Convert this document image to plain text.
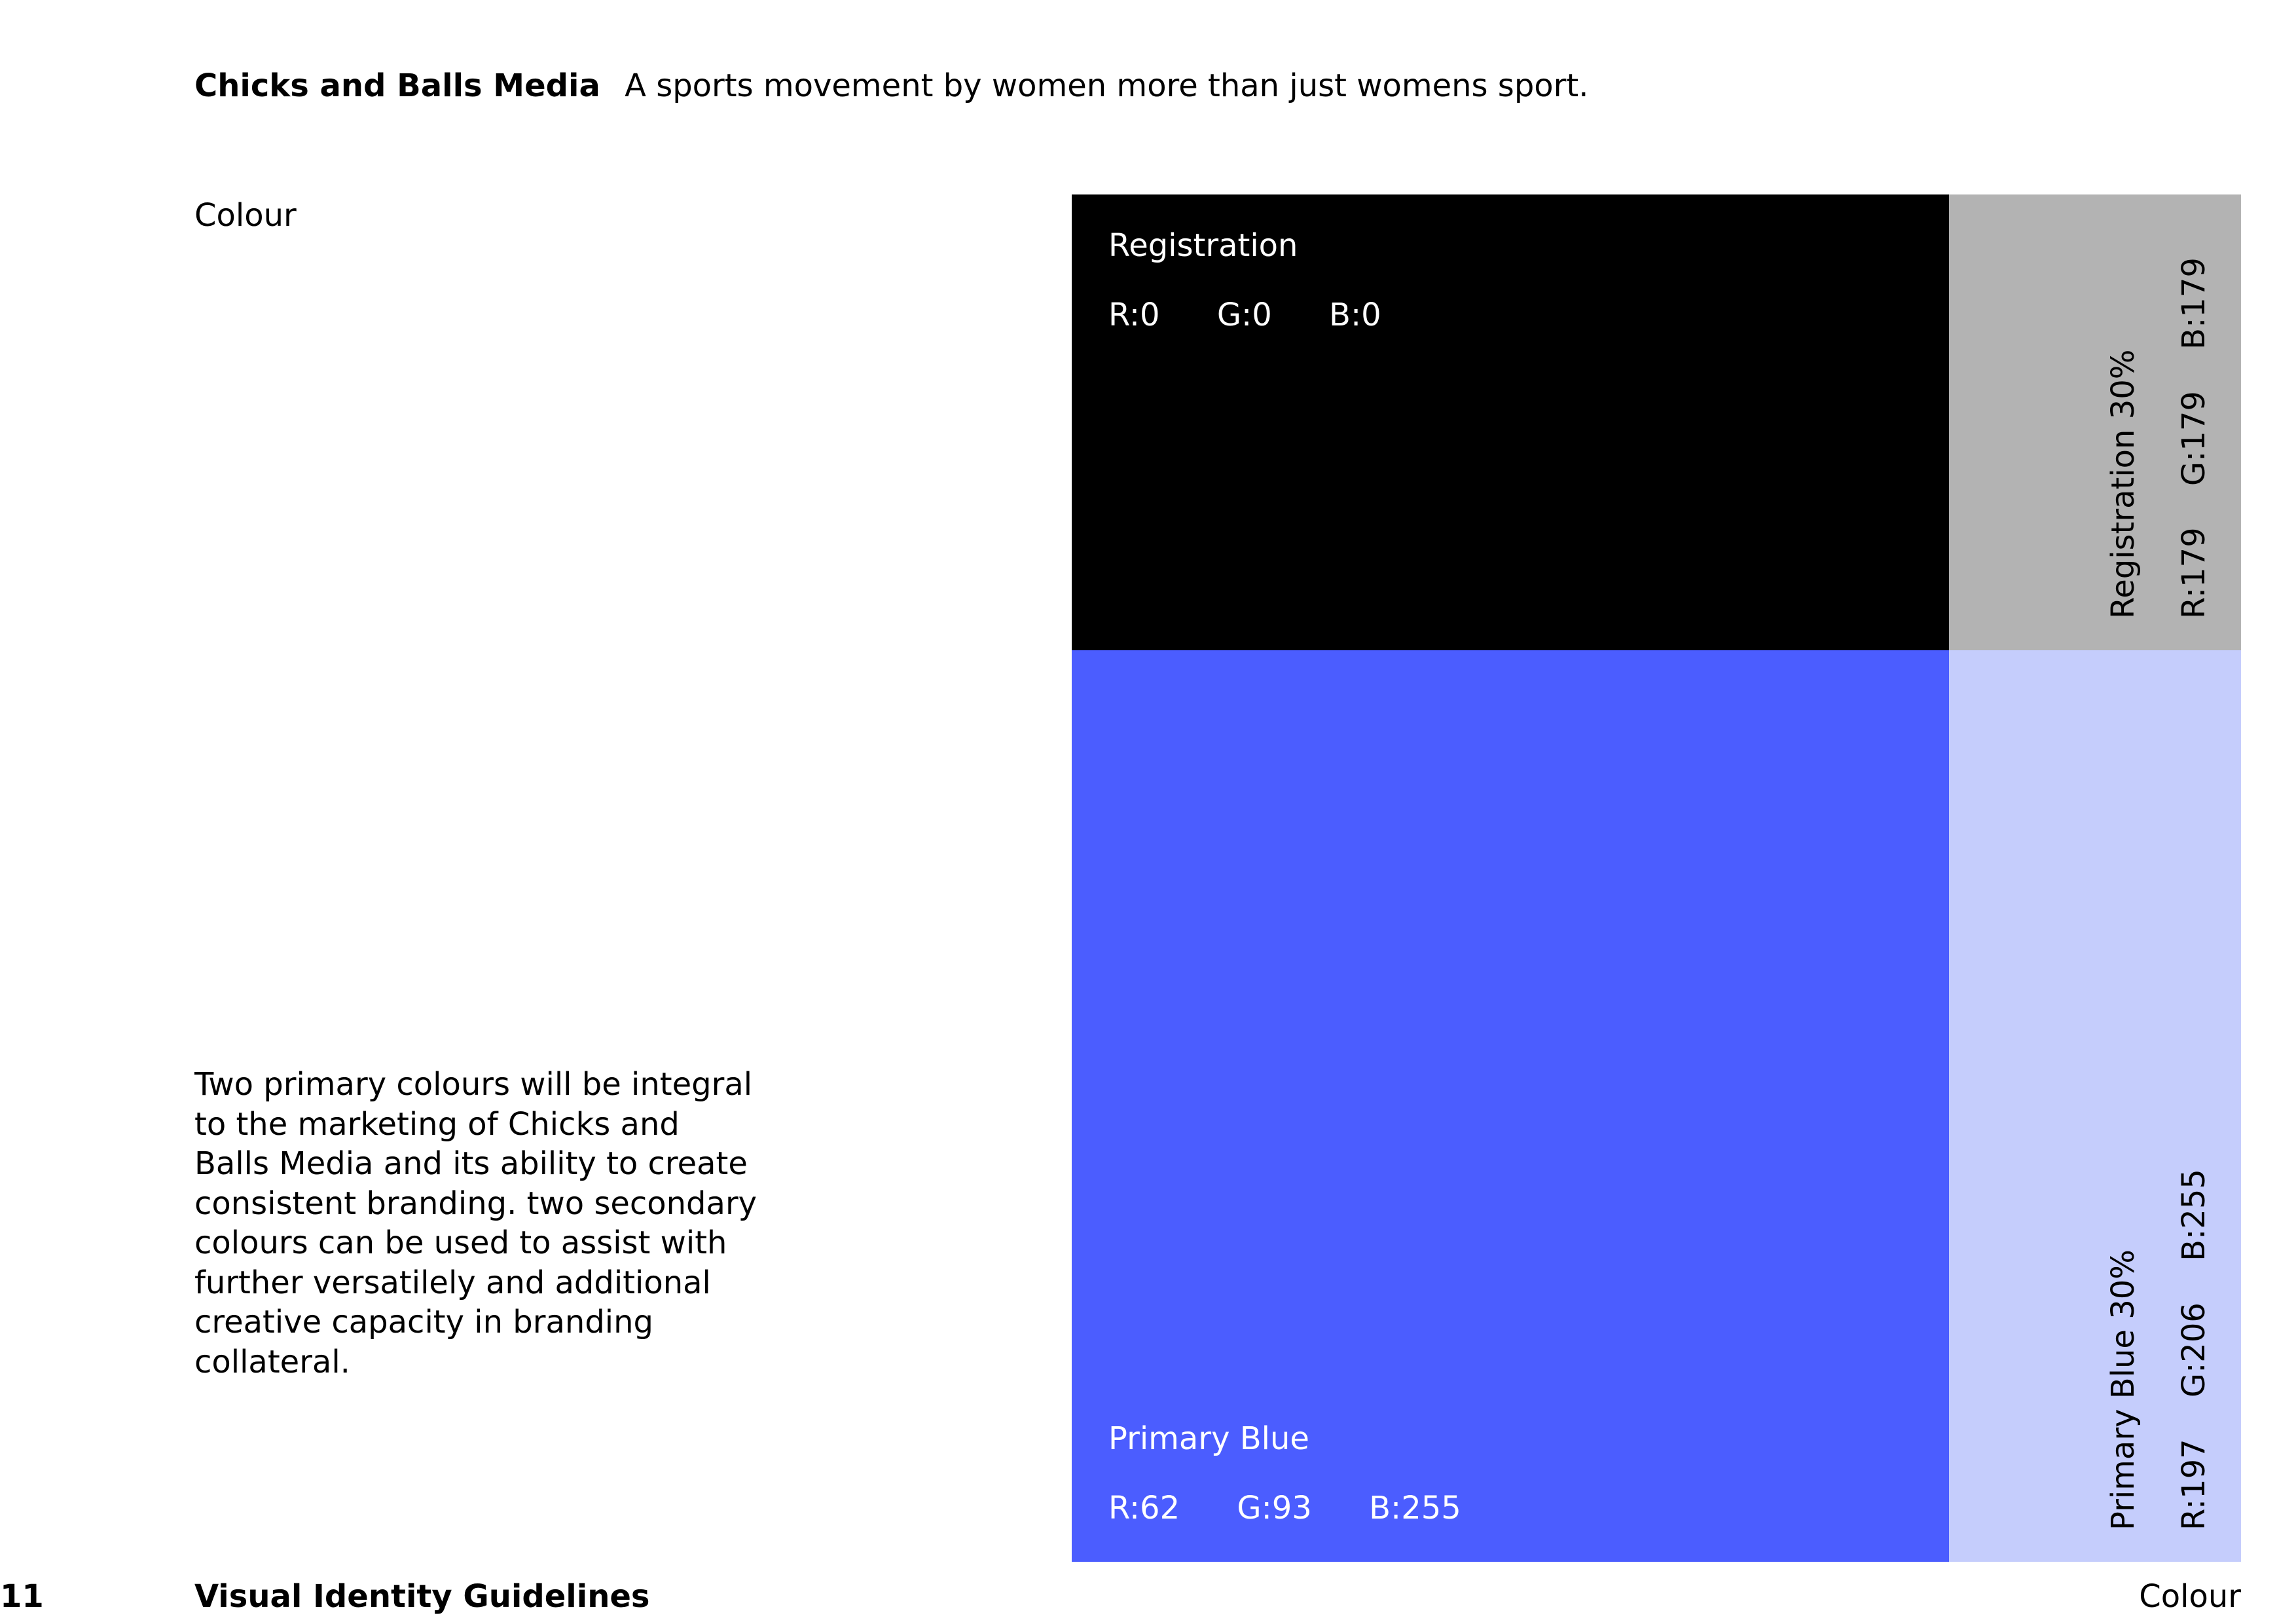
Chicks and Balls Media A sports movement by women more than just womens sport.
Colour
Two primary colours will be integral
to the marketing of Chicks and
Balls Media and its ability to create
consistent branding. two secondary
colours can be used to assist with
further versatilely and additional
creative capacity in branding collateral.
Registration
R:0 G:0 B:0
Registration 30% R:179 G:179 B:179
Primary Blue
R:62 G:93 B:255	Primary Blue 30% R:197 G:206 B:255
11	Visual Identity Guidelines	Colour
